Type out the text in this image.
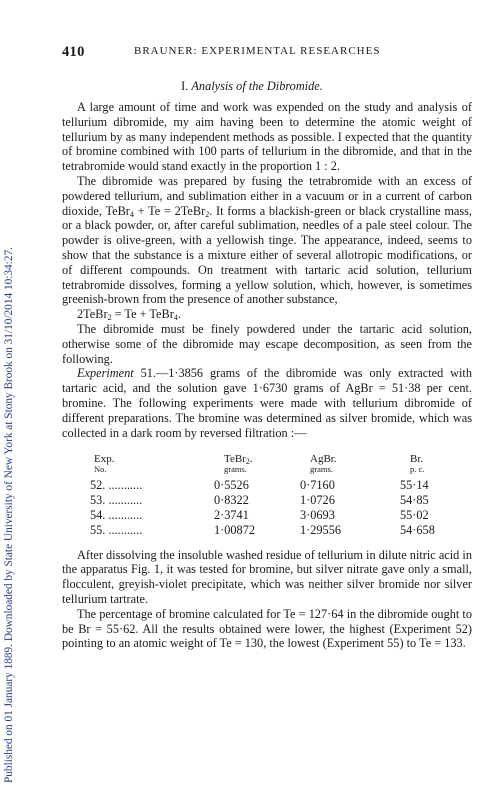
Published on 01 January 1889. Downloaded by State University of New York at Stony Brook on 31/10/2014 10:34:27.
410	BRAUNER: EXPERIMENTAL RESEARCHES
I. Analysis of the Dibromide.

A large amount of time and work was expended on the study and analysis of tellurium dibromide, my aim having been to determine the atomic weight of tellurium by as many independent methods as possible. I expected that the quantity of bromine combined with 100 parts of tellurium in the dibromide, and that in the tetrabromide would stand exactly in the proportion 1 : 2.

The dibromide was prepared by fusing the tetrabromide with an excess of powdered tellurium, and sublimation either in a vacuum or in a current of carbon dioxide, TeBr$_4$ + Te = 2TeBr$_2$. It forms a blackish-green or black crystalline mass, or a black powder, or, after careful sublimation, needles of a pale steel colour. The powder is olive-green, with a yellowish tinge. The appearance, indeed, seems to show that the substance is a mixture either of several allotropic modifications, or of different compounds. On treatment with tartaric acid solution, tellurium tetrabromide dissolves, forming a yellow solution, which, however, is sometimes greenish-brown from the presence of another substance,

2TeBr$_2$ = Te + TeBr$_4$.

The dibromide must be finely powdered under the tartaric acid solution, otherwise some of the dibromide may escape decomposition, as seen from the following.

Experiment 51.—1·3856 grams of the dibromide was only extracted with tartaric acid, and the solution gave 1·6730 grams of AgBr = 51·38 per cent. bromine. The following experiments were made with tellurium dibromide of different preparations. The bromine was determined as silver bromide, which was collected in a dark room by reversed filtration :—

Exp.	TeBr$_2$.	AgBr.	Br.
No.	grams.	grams.	p. c.
52. ...........	0·5526	0·7160	55·14
53. ...........	0·8322	1·0726	54·85
54. ...........	2·3741	3·0693	55·02
55. ...........	1·00872	1·29556	54·658

After dissolving the insoluble washed residue of tellurium in dilute nitric acid in the apparatus Fig. 1, it was tested for bromine, but silver nitrate gave only a small, flocculent, greyish-violet precipitate, which was neither silver bromide nor silver tellurium tartrate.

The percentage of bromine calculated for Te = 127·64 in the dibromide ought to be Br = 55·62. All the results obtained were lower, the highest (Experiment 52) pointing to an atomic weight of Te = 130, the lowest (Experiment 55) to Te = 133.
